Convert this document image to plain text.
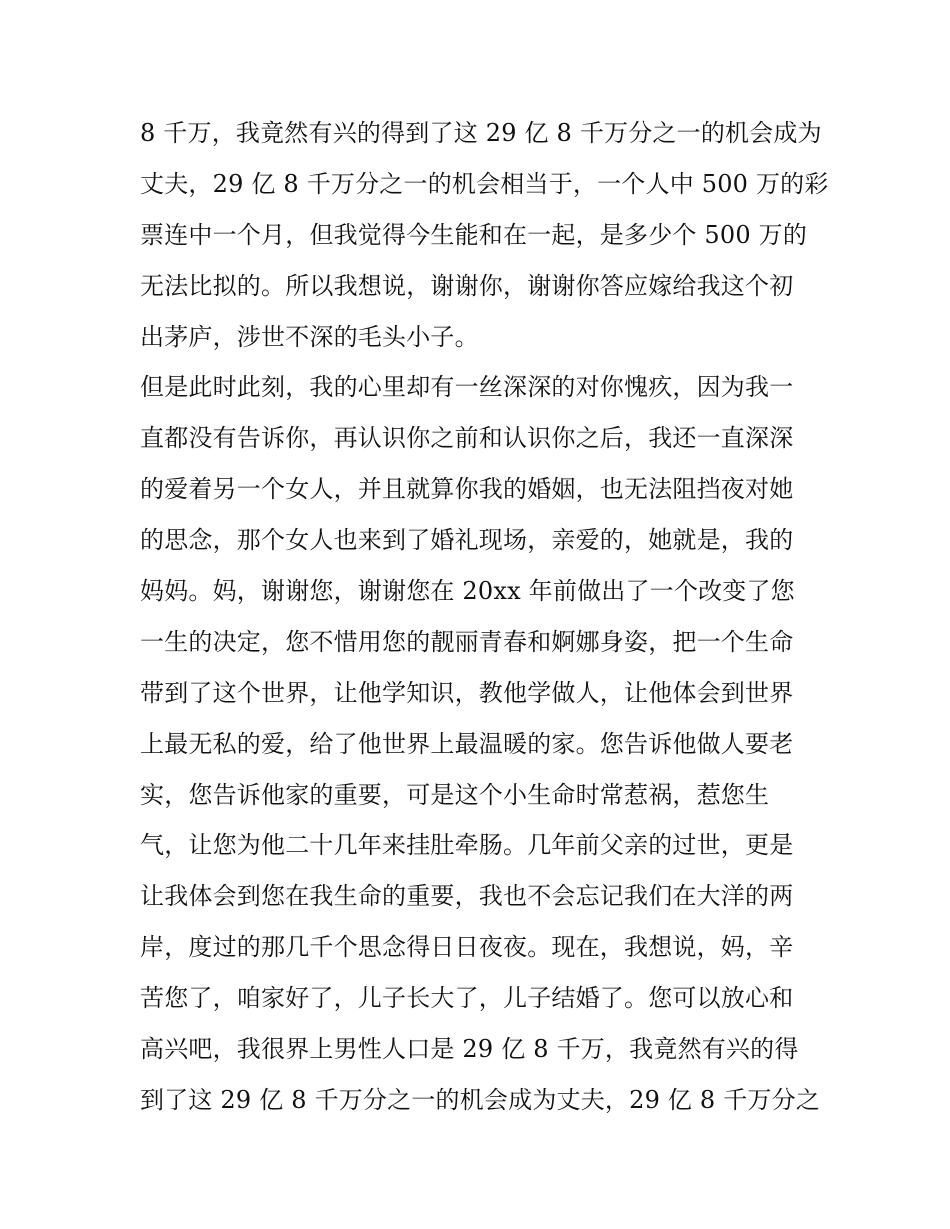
8 千万，我竟然有兴的得到了这 29 亿 8 千万分之一的机会成为
丈夫，29 亿 8 千万分之一的机会相当于，一个人中 500 万的彩
票连中一个月，但我觉得今生能和在一起，是多少个 500 万的
无法比拟的。所以我想说，谢谢你，谢谢你答应嫁给我这个初
出茅庐，涉世不深的毛头小子。
但是此时此刻，我的心里却有一丝深深的对你愧疚，因为我一
直都没有告诉你，再认识你之前和认识你之后，我还一直深深
的爱着另一个女人，并且就算你我的婚姻，也无法阻挡夜对她
的思念，那个女人也来到了婚礼现场，亲爱的，她就是，我的
妈妈。妈，谢谢您，谢谢您在 20xx 年前做出了一个改变了您
一生的决定，您不惜用您的靓丽青春和婀娜身姿，把一个生命
带到了这个世界，让他学知识，教他学做人，让他体会到世界
上最无私的爱，给了他世界上最温暖的家。您告诉他做人要老
实，您告诉他家的重要，可是这个小生命时常惹祸，惹您生
气，让您为他二十几年来挂肚牵肠。几年前父亲的过世，更是
让我体会到您在我生命的重要，我也不会忘记我们在大洋的两
岸，度过的那几千个思念得日日夜夜。现在，我想说，妈，辛
苦您了，咱家好了，儿子长大了，儿子结婚了。您可以放心和
高兴吧，我很界上男性人口是 29 亿 8 千万，我竟然有兴的得
到了这 29 亿 8 千万分之一的机会成为丈夫，29 亿 8 千万分之
